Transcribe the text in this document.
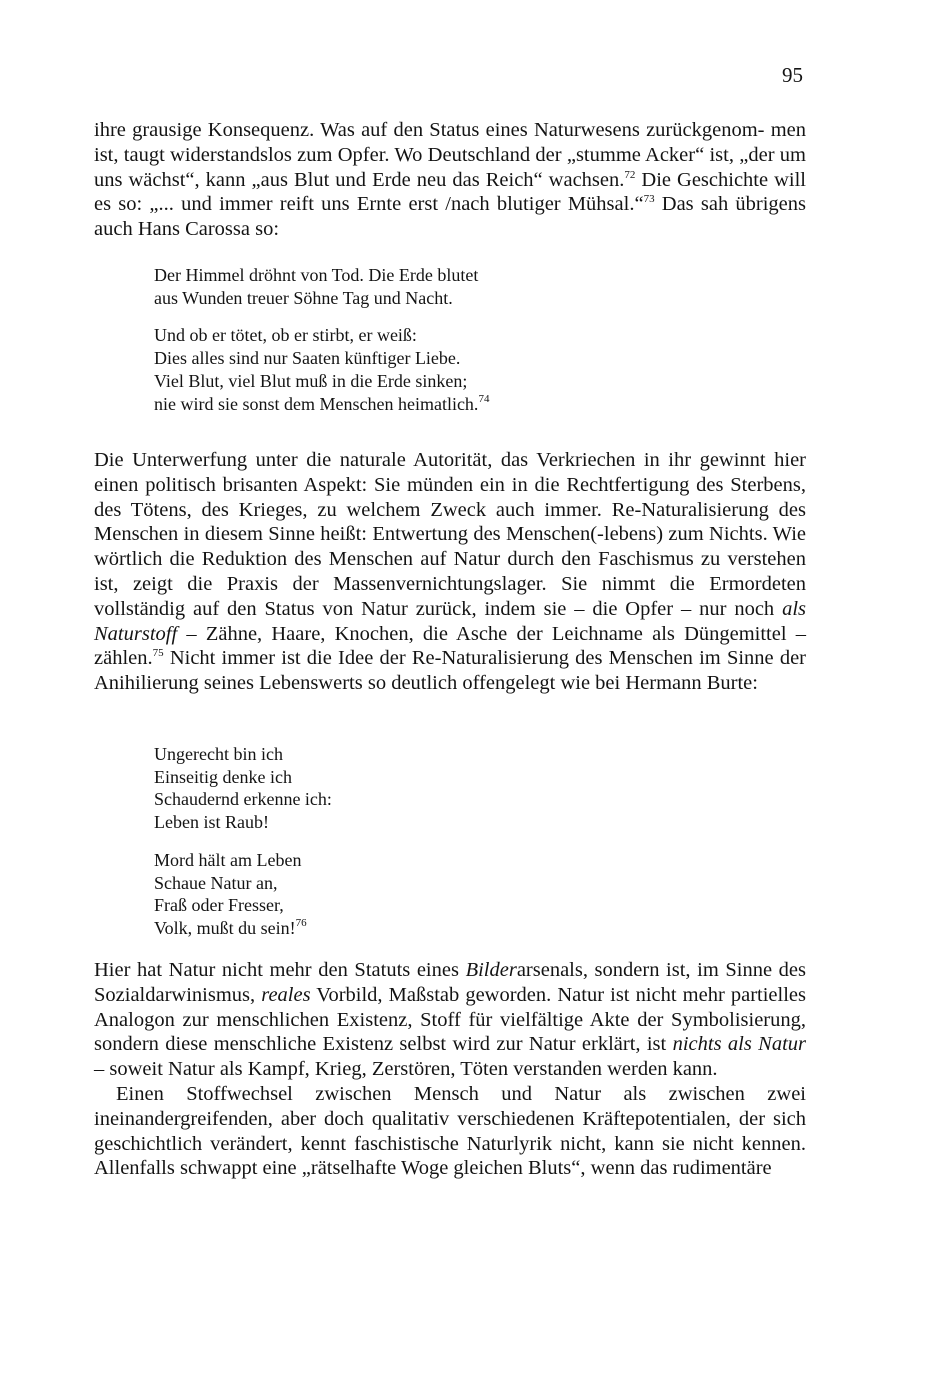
95

ihre grausige Konsequenz. Was auf den Status eines Naturwesens zurückgenom- men ist, taugt widerstandslos zum Opfer. Wo Deutschland der „stumme Acker“ ist, „der um uns wächst“, kann „aus Blut und Erde neu das Reich“ wachsen.$^{72}$ Die Geschichte will es so: „... und immer reift uns Ernte erst /nach blutiger Mühsal.“$^{73}$ Das sah übrigens auch Hans Carossa so:

Der Himmel dröhnt von Tod. Die Erde blutet
aus Wunden treuer Söhne Tag und Nacht.
Und ob er tötet, ob er stirbt, er weiß:
Dies alles sind nur Saaten künftiger Liebe.
Viel Blut, viel Blut muß in die Erde sinken;
nie wird sie sonst dem Menschen heimatlich.$^{74}$

Die Unterwerfung unter die naturale Autorität, das Verkriechen in ihr gewinnt hier einen politisch brisanten Aspekt: Sie münden ein in die Rechtfertigung des Sterbens, des Tötens, des Krieges, zu welchem Zweck auch immer. Re-Naturalisierung des Menschen in diesem Sinne heißt: Entwertung des Menschen(-lebens) zum Nichts. Wie wörtlich die Reduktion des Menschen auf Natur durch den Faschismus zu verstehen ist, zeigt die Praxis der Massenvernichtungslager. Sie nimmt die Ermordeten vollständig auf den Status von Natur zurück, indem sie – die Opfer – nur noch als Naturstoff – Zähne, Haare, Knochen, die Asche der Leichname als Düngemittel – zählen.$^{75}$ Nicht immer ist die Idee der Re-Naturalisierung des Menschen im Sinne der Anihilierung seines Lebenswerts so deutlich offengelegt wie bei Hermann Burte:

Ungerecht bin ich
Einseitig denke ich
Schaudernd erkenne ich:
Leben ist Raub!
Mord hält am Leben
Schaue Natur an,
Fraß oder Fresser,
Volk, mußt du sein!$^{76}$

Hier hat Natur nicht mehr den Statuts eines Bilderarsenals, sondern ist, im Sinne des Sozialdarwinismus, reales Vorbild, Maßstab geworden. Natur ist nicht mehr partielles Analogon zur menschlichen Existenz, Stoff für vielfältige Akte der Symbolisierung, sondern diese menschliche Existenz selbst wird zur Natur erklärt, ist nichts als Natur – soweit Natur als Kampf, Krieg, Zerstören, Töten verstanden werden kann.

Einen Stoffwechsel zwischen Mensch und Natur als zwischen zwei ineinandergreifenden, aber doch qualitativ verschiedenen Kräftepotentialen, der sich geschichtlich verändert, kennt faschistische Naturlyrik nicht, kann sie nicht kennen. Allenfalls schwappt eine „rätselhafte Woge gleichen Bluts“, wenn das rudimentäre
